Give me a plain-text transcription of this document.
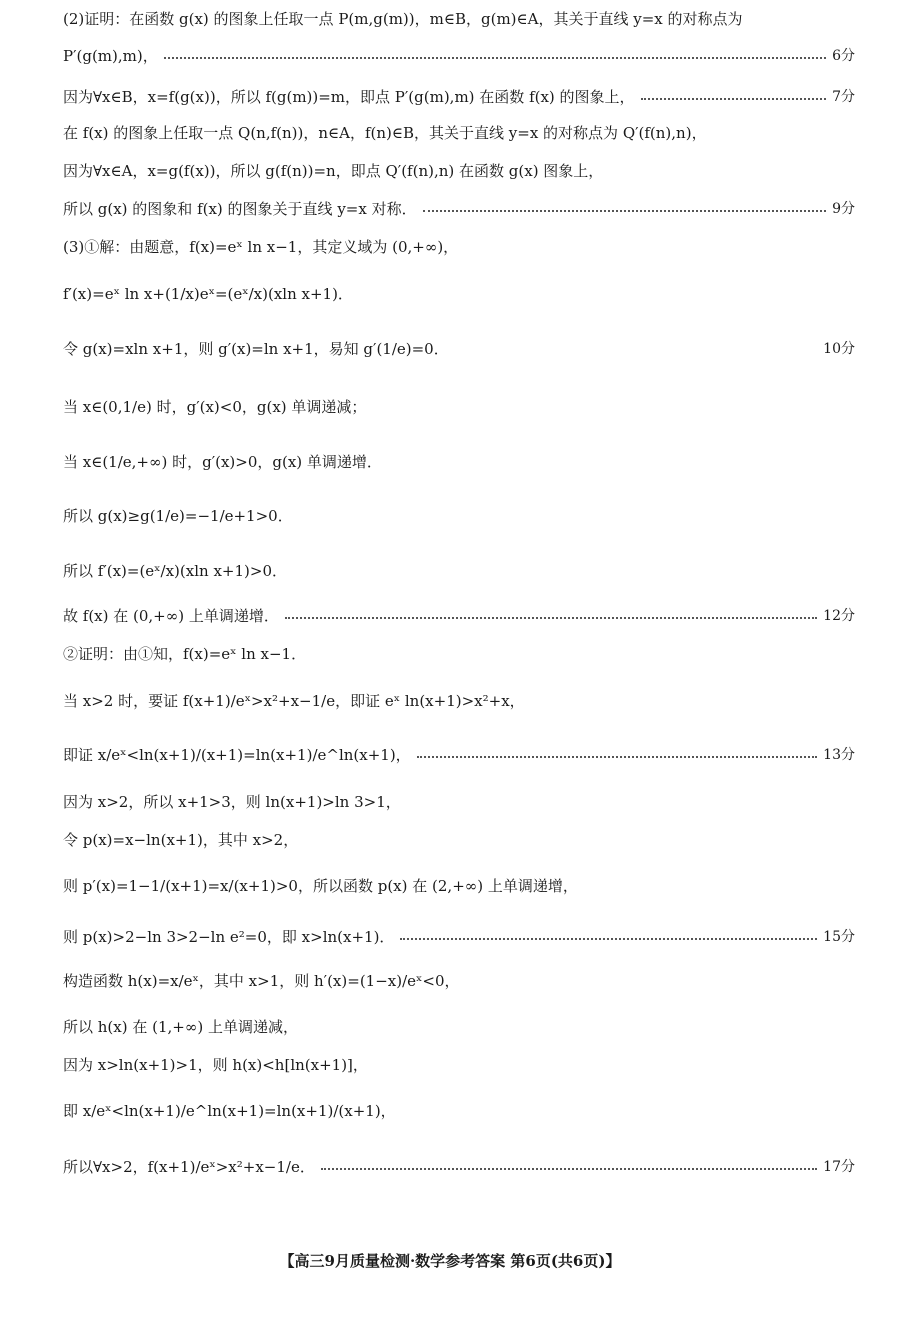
(2)证明：在函数 g(x) 的图象上任取一点 P(m,g(m))，m∈B，g(m)∈A，其关于直线 y=x 的对称点为
P′(g(m),m)，	6分
因为∀x∈B，x=f(g(x))，所以 f(g(m))=m，即点 P′(g(m),m) 在函数 f(x) 的图象上，	7分
在 f(x) 的图象上任取一点 Q(n,f(n))，n∈A，f(n)∈B，其关于直线 y=x 的对称点为 Q′(f(n),n)，
因为∀x∈A，x=g(f(x))，所以 g(f(n))=n，即点 Q′(f(n),n) 在函数 g(x) 图象上，
所以 g(x) 的图象和 f(x) 的图象关于直线 y=x 对称．	9分
(3)①解：由题意，f(x)=eˣ ln x−1，其定义域为 (0,+∞)，
f′(x)=eˣ ln x+(1/x)eˣ=(eˣ/x)(xln x+1)．
令 g(x)=xln x+1，则 g′(x)=ln x+1，易知 g′(1/e)=0．	10分
当 x∈(0,1/e) 时，g′(x)<0，g(x) 单调递减；
当 x∈(1/e,+∞) 时，g′(x)>0，g(x) 单调递增．
所以 g(x)≥g(1/e)=−1/e+1>0．
所以 f′(x)=(eˣ/x)(xln x+1)>0．
故 f(x) 在 (0,+∞) 上单调递增．	12分
②证明：由①知，f(x)=eˣ ln x−1．
当 x>2 时，要证 f(x+1)/eˣ>x²+x−1/e，即证 eˣ ln(x+1)>x²+x，
即证 x/eˣ<ln(x+1)/(x+1)=ln(x+1)/e^ln(x+1)，	13分
因为 x>2，所以 x+1>3，则 ln(x+1)>ln 3>1，
令 p(x)=x−ln(x+1)，其中 x>2，
则 p′(x)=1−1/(x+1)=x/(x+1)>0，所以函数 p(x) 在 (2,+∞) 上单调递增，
则 p(x)>2−ln 3>2−ln e²=0，即 x>ln(x+1)．	15分
构造函数 h(x)=x/eˣ，其中 x>1，则 h′(x)=(1−x)/eˣ<0，
所以 h(x) 在 (1,+∞) 上单调递减，
因为 x>ln(x+1)>1，则 h(x)<h[ln(x+1)]，
即 x/eˣ<ln(x+1)/e^ln(x+1)=ln(x+1)/(x+1)，
所以∀x>2，f(x+1)/eˣ>x²+x−1/e．	17分
【高三9月质量检测·数学参考答案 第6页(共6页)】
